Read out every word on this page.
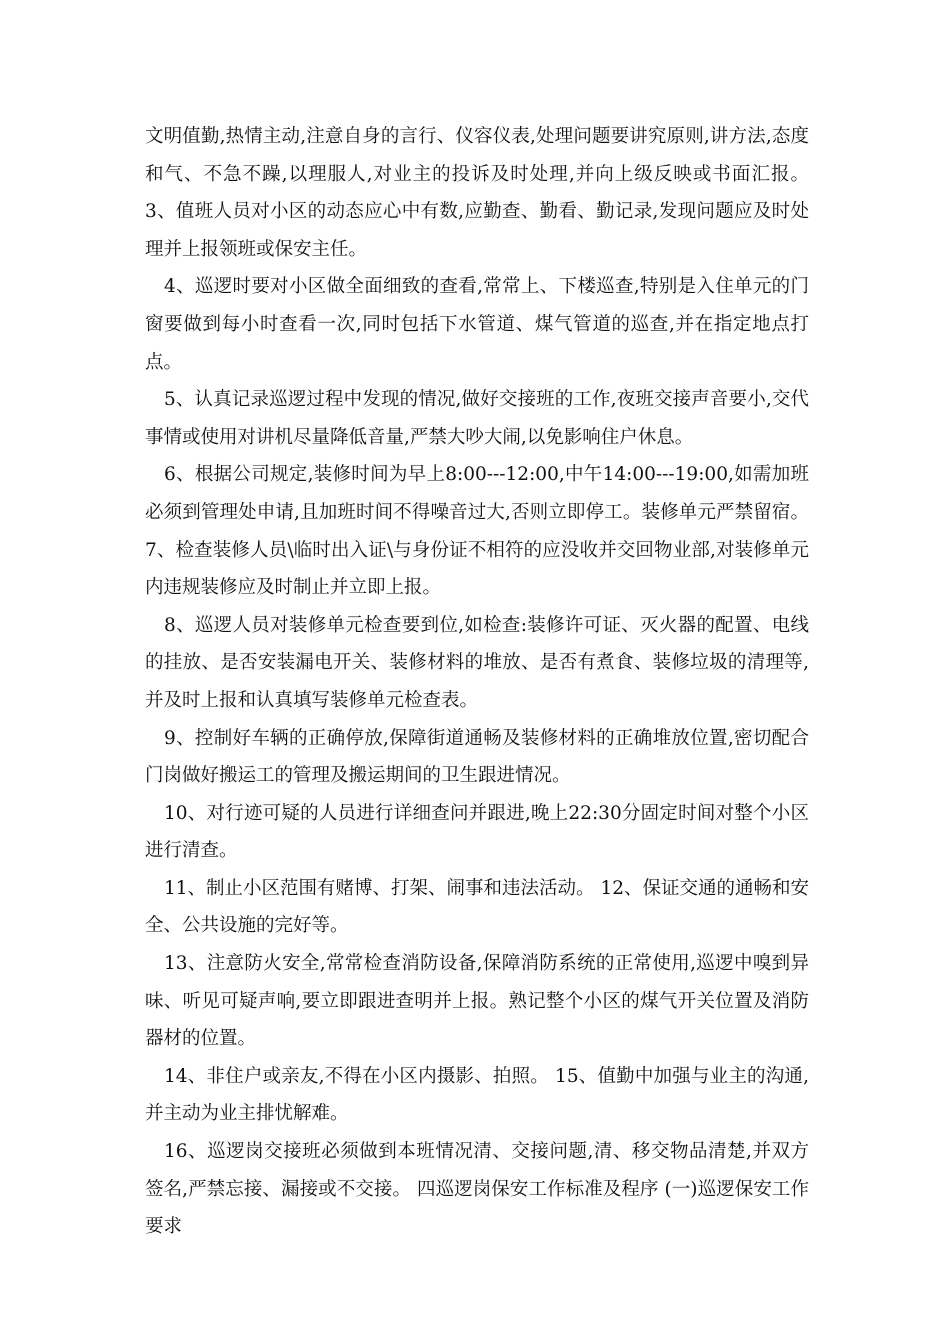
文明值勤,热情主动,注意自身的言行、仪容仪表,处理问题要讲究原则,讲方法,态度和气、不急不躁,以理服人,对业主的投诉及时处理,并向上级反映或书面汇报。 3、值班人员对小区的动态应心中有数,应勤查、勤看、勤记录,发现问题应及时处理并上报领班或保安主任。

4、巡逻时要对小区做全面细致的查看,常常上、下楼巡查,特别是入住单元的门窗要做到每小时查看一次,同时包括下水管道、煤气管道的巡查,并在指定地点打点。

5、认真记录巡逻过程中发现的情况,做好交接班的工作,夜班交接声音要小,交代事情或使用对讲机尽量降低音量,严禁大吵大闹,以免影响住户休息。

6、根据公司规定,装修时间为早上8:00---12:00,中午14:00---19:00,如需加班必须到管理处申请,且加班时间不得噪音过大,否则立即停工。装修单元严禁留宿。 7、检查装修人员\临时出入证\与身份证不相符的应没收并交回物业部,对装修单元内违规装修应及时制止并立即上报。

8、巡逻人员对装修单元检查要到位,如检查:装修许可证、灭火器的配置、电线的挂放、是否安装漏电开关、装修材料的堆放、是否有煮食、装修垃圾的清理等,并及时上报和认真填写装修单元检查表。

9、控制好车辆的正确停放,保障街道通畅及装修材料的正确堆放位置,密切配合门岗做好搬运工的管理及搬运期间的卫生跟进情况。

10、对行迹可疑的人员进行详细查问并跟进,晚上22:30分固定时间对整个小区进行清查。

11、制止小区范围有赌博、打架、闹事和违法活动。 12、保证交通的通畅和安全、公共设施的完好等。

13、注意防火安全,常常检查消防设备,保障消防系统的正常使用,巡逻中嗅到异味、听见可疑声响,要立即跟进查明并上报。熟记整个小区的煤气开关位置及消防器材的位置。

14、非住户或亲友,不得在小区内摄影、拍照。 15、值勤中加强与业主的沟通,并主动为业主排忧解难。

16、巡逻岗交接班必须做到本班情况清、交接问题,清、移交物品清楚,并双方签名,严禁忘接、漏接或不交接。 四巡逻岗保安工作标准及程序 (一)巡逻保安工作要求
